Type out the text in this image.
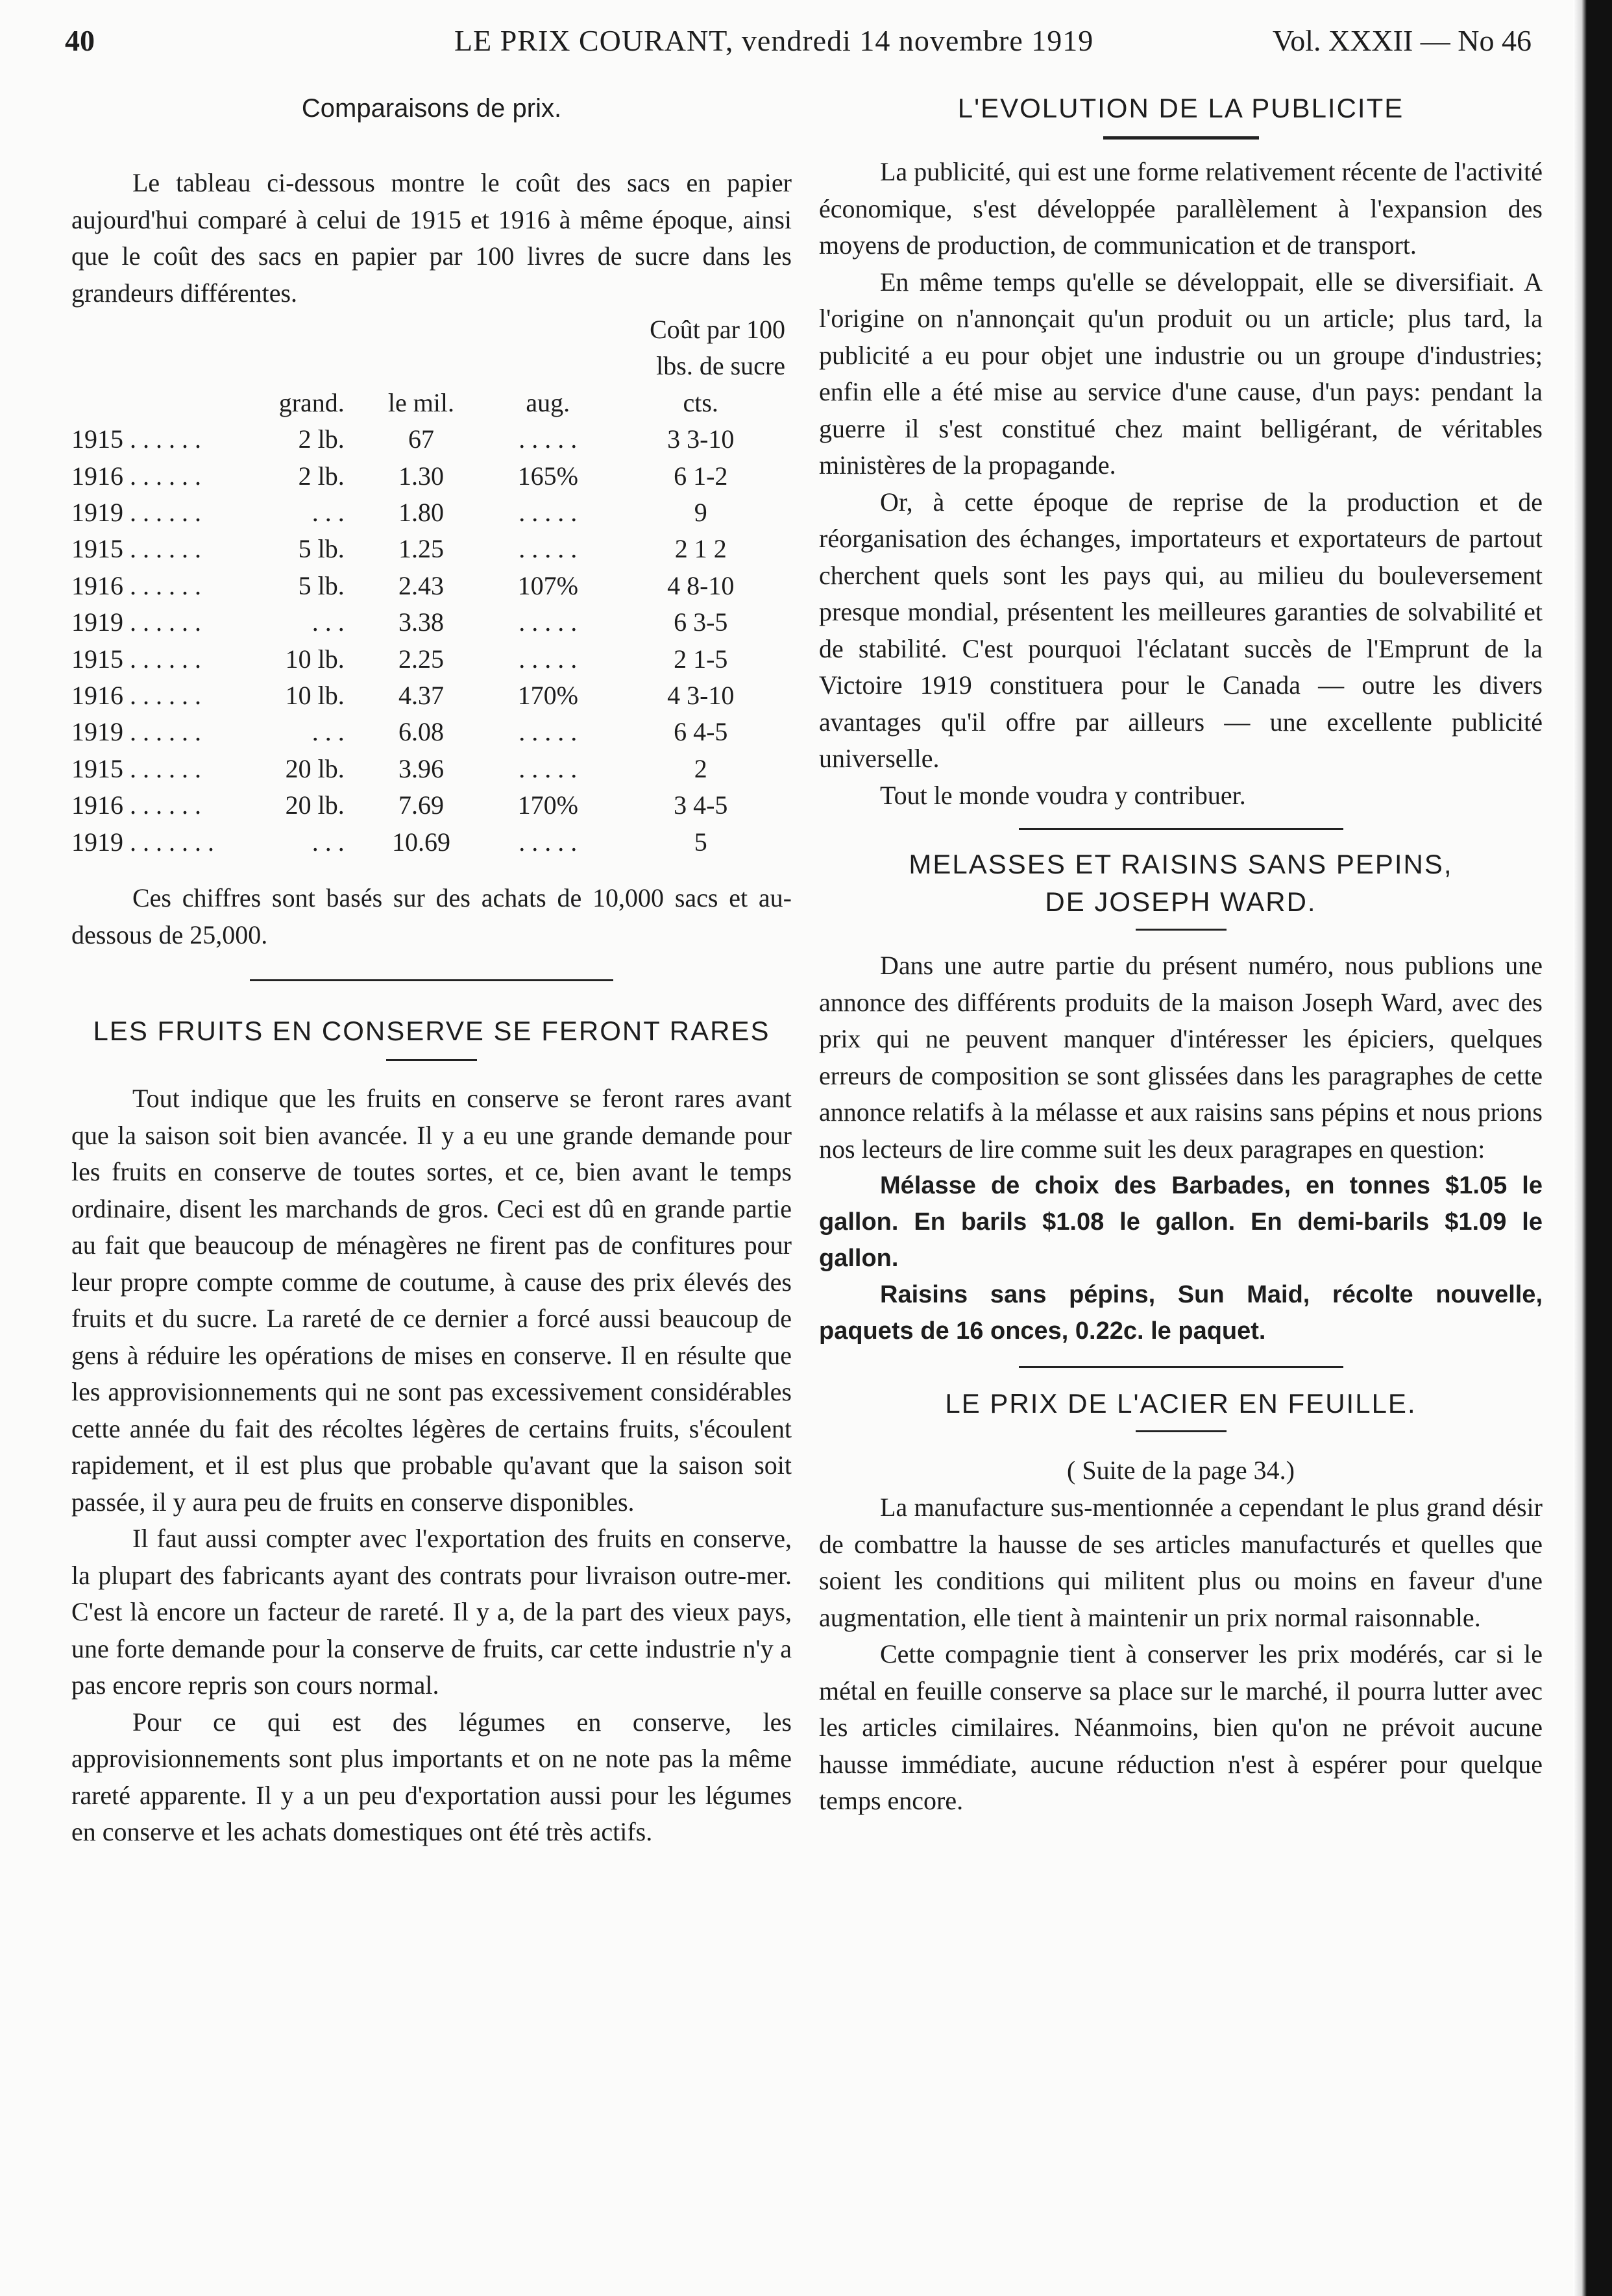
40	LE PRIX COURANT, vendredi 14 novembre 1919	Vol. XXXII — No 46

Comparaisons de prix.

Le tableau ci-dessous montre le coût des sacs en papier aujourd'hui comparé à celui de 1915 et 1916 à même époque, ainsi que le coût des sacs en papier par 100 livres de sucre dans les grandeurs différentes.

				Coût par 100
				lbs. de sucre
	grand.	le mil.	aug.	cts.
1915 . . . . . .	2 lb.	67	. . . . .	3 3-10
1916 . . . . . .	2 lb.	1.30	165%	6 1-2
1919 . . . . . .	. . .	1.80	. . . . .	9
1915 . . . . . .	5 lb.	1.25	. . . . .	2 1 2
1916 . . . . . .	5 lb.	2.43	107%	4 8-10
1919 . . . . . .	. . .	3.38	. . . . .	6 3-5
1915 . . . . . .	10 lb.	2.25	. . . . .	2 1-5
1916 . . . . . .	10 lb.	4.37	170%	4 3-10
1919 . . . . . .	. . .	6.08	. . . . .	6 4-5
1915 . . . . . .	20 lb.	3.96	. . . . .	2
1916 . . . . . .	20 lb.	7.69	170%	3 4-5
1919 . . . . . . .	. . .	10.69	. . . . .	5

Ces chiffres sont basés sur des achats de 10,000 sacs et au-dessous de 25,000.

LES FRUITS EN CONSERVE SE FERONT RARES

Tout indique que les fruits en conserve se feront rares avant que la saison soit bien avancée. Il y a eu une grande demande pour les fruits en conserve de toutes sortes, et ce, bien avant le temps ordinaire, disent les marchands de gros. Ceci est dû en grande partie au fait que beaucoup de ménagères ne firent pas de confitures pour leur propre compte comme de coutume, à cause des prix élevés des fruits et du sucre. La rareté de ce dernier a forcé aussi beaucoup de gens à réduire les opérations de mises en conserve. Il en résulte que les approvisionnements qui ne sont pas excessivement considérables cette année du fait des récoltes légères de certains fruits, s'écoulent rapidement, et il est plus que probable qu'avant que la saison soit passée, il y aura peu de fruits en conserve disponibles.

Il faut aussi compter avec l'exportation des fruits en conserve, la plupart des fabricants ayant des contrats pour livraison outre-mer. C'est là encore un facteur de rareté. Il y a, de la part des vieux pays, une forte demande pour la conserve de fruits, car cette industrie n'y a pas encore repris son cours normal.

Pour ce qui est des légumes en conserve, les approvisionnements sont plus importants et on ne note pas la même rareté apparente. Il y a un peu d'exportation aussi pour les légumes en conserve et les achats domestiques ont été très actifs.

L'EVOLUTION DE LA PUBLICITE

La publicité, qui est une forme relativement récente de l'activité économique, s'est développée parallèlement à l'expansion des moyens de production, de communication et de transport.

En même temps qu'elle se développait, elle se diversifiait. A l'origine on n'annonçait qu'un produit ou un article; plus tard, la publicité a eu pour objet une industrie ou un groupe d'industries; enfin elle a été mise au service d'une cause, d'un pays: pendant la guerre il s'est constitué chez maint belligérant, de véritables ministères de la propagande.

Or, à cette époque de reprise de la production et de réorganisation des échanges, importateurs et exportateurs de partout cherchent quels sont les pays qui, au milieu du bouleversement presque mondial, présentent les meilleures garanties de solvabilité et de stabilité. C'est pourquoi l'éclatant succès de l'Emprunt de la Victoire 1919 constituera pour le Canada — outre les divers avantages qu'il offre par ailleurs — une excellente publicité universelle.

Tout le monde voudra y contribuer.

MELASSES ET RAISINS SANS PEPINS,

DE JOSEPH WARD.

Dans une autre partie du présent numéro, nous publions une annonce des différents produits de la maison Joseph Ward, avec des prix qui ne peuvent manquer d'intéresser les épiciers, quelques erreurs de composition se sont glissées dans les paragraphes de cette annonce relatifs à la mélasse et aux raisins sans pépins et nous prions nos lecteurs de lire comme suit les deux paragrapes en question:

Mélasse de choix des Barbades, en tonnes $1.05 le gallon. En barils $1.08 le gallon. En demi-barils $1.09 le gallon.

Raisins sans pépins, Sun Maid, récolte nouvelle, paquets de 16 onces, 0.22c. le paquet.

LE PRIX DE L'ACIER EN FEUILLE.

( Suite de la page 34.)

La manufacture sus-mentionnée a cependant le plus grand désir de combattre la hausse de ses articles manufacturés et quelles que soient les conditions qui militent plus ou moins en faveur d'une augmentation, elle tient à maintenir un prix normal raisonnable.

Cette compagnie tient à conserver les prix modérés, car si le métal en feuille conserve sa place sur le marché, il pourra lutter avec les articles cimilaires. Néanmoins, bien qu'on ne prévoit aucune hausse immédiate, aucune réduction n'est à espérer pour quelque temps encore.
